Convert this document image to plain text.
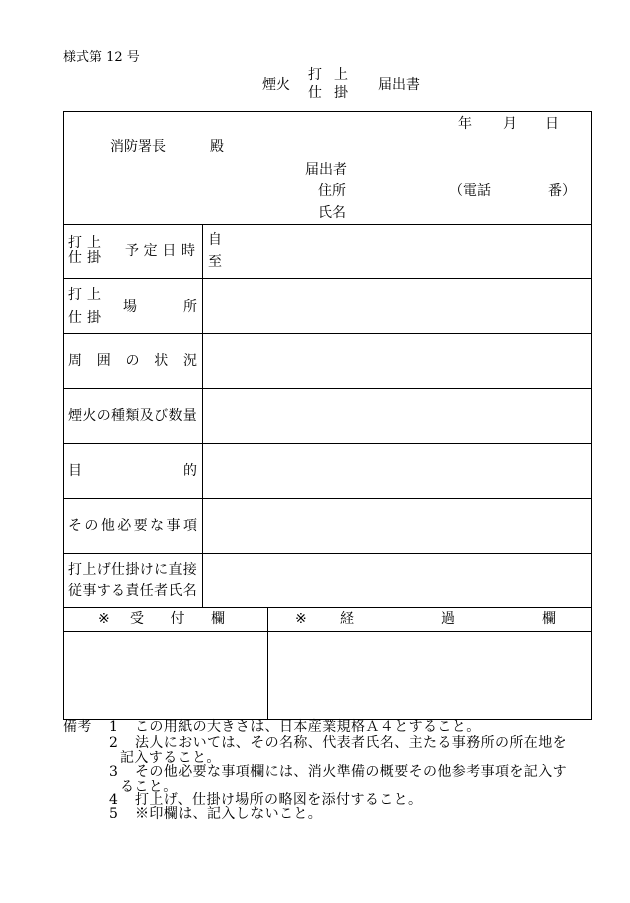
様式第 12 号
煙火
打 上
仕 掛 届出書
年 月 日
消防署長	殿
届出者
住所	（電話	番）
氏名
打 上
仕 掛 予 定 日 時
自
至
打 上
仕 掛
場	所
周 囲 の 状 況
煙火の種類及び数量
目	的
そ の 他 必 要 な 事 項
打上げ仕掛けに直接
従事する責任者氏名
※ 受 付 欄	※ 経	過	欄
備考 1 この用紙の大きさは、日本産業規格Ａ４とすること。
2 法人においては、その名称、代表者氏名、主たる事務所の所在地を
記入すること。
3 その他必要な事項欄には、消火準備の概要その他参考事項を記入す
ること。
4 打上げ、仕掛け場所の略図を添付すること。
5 ※印欄は、記入しないこと。
